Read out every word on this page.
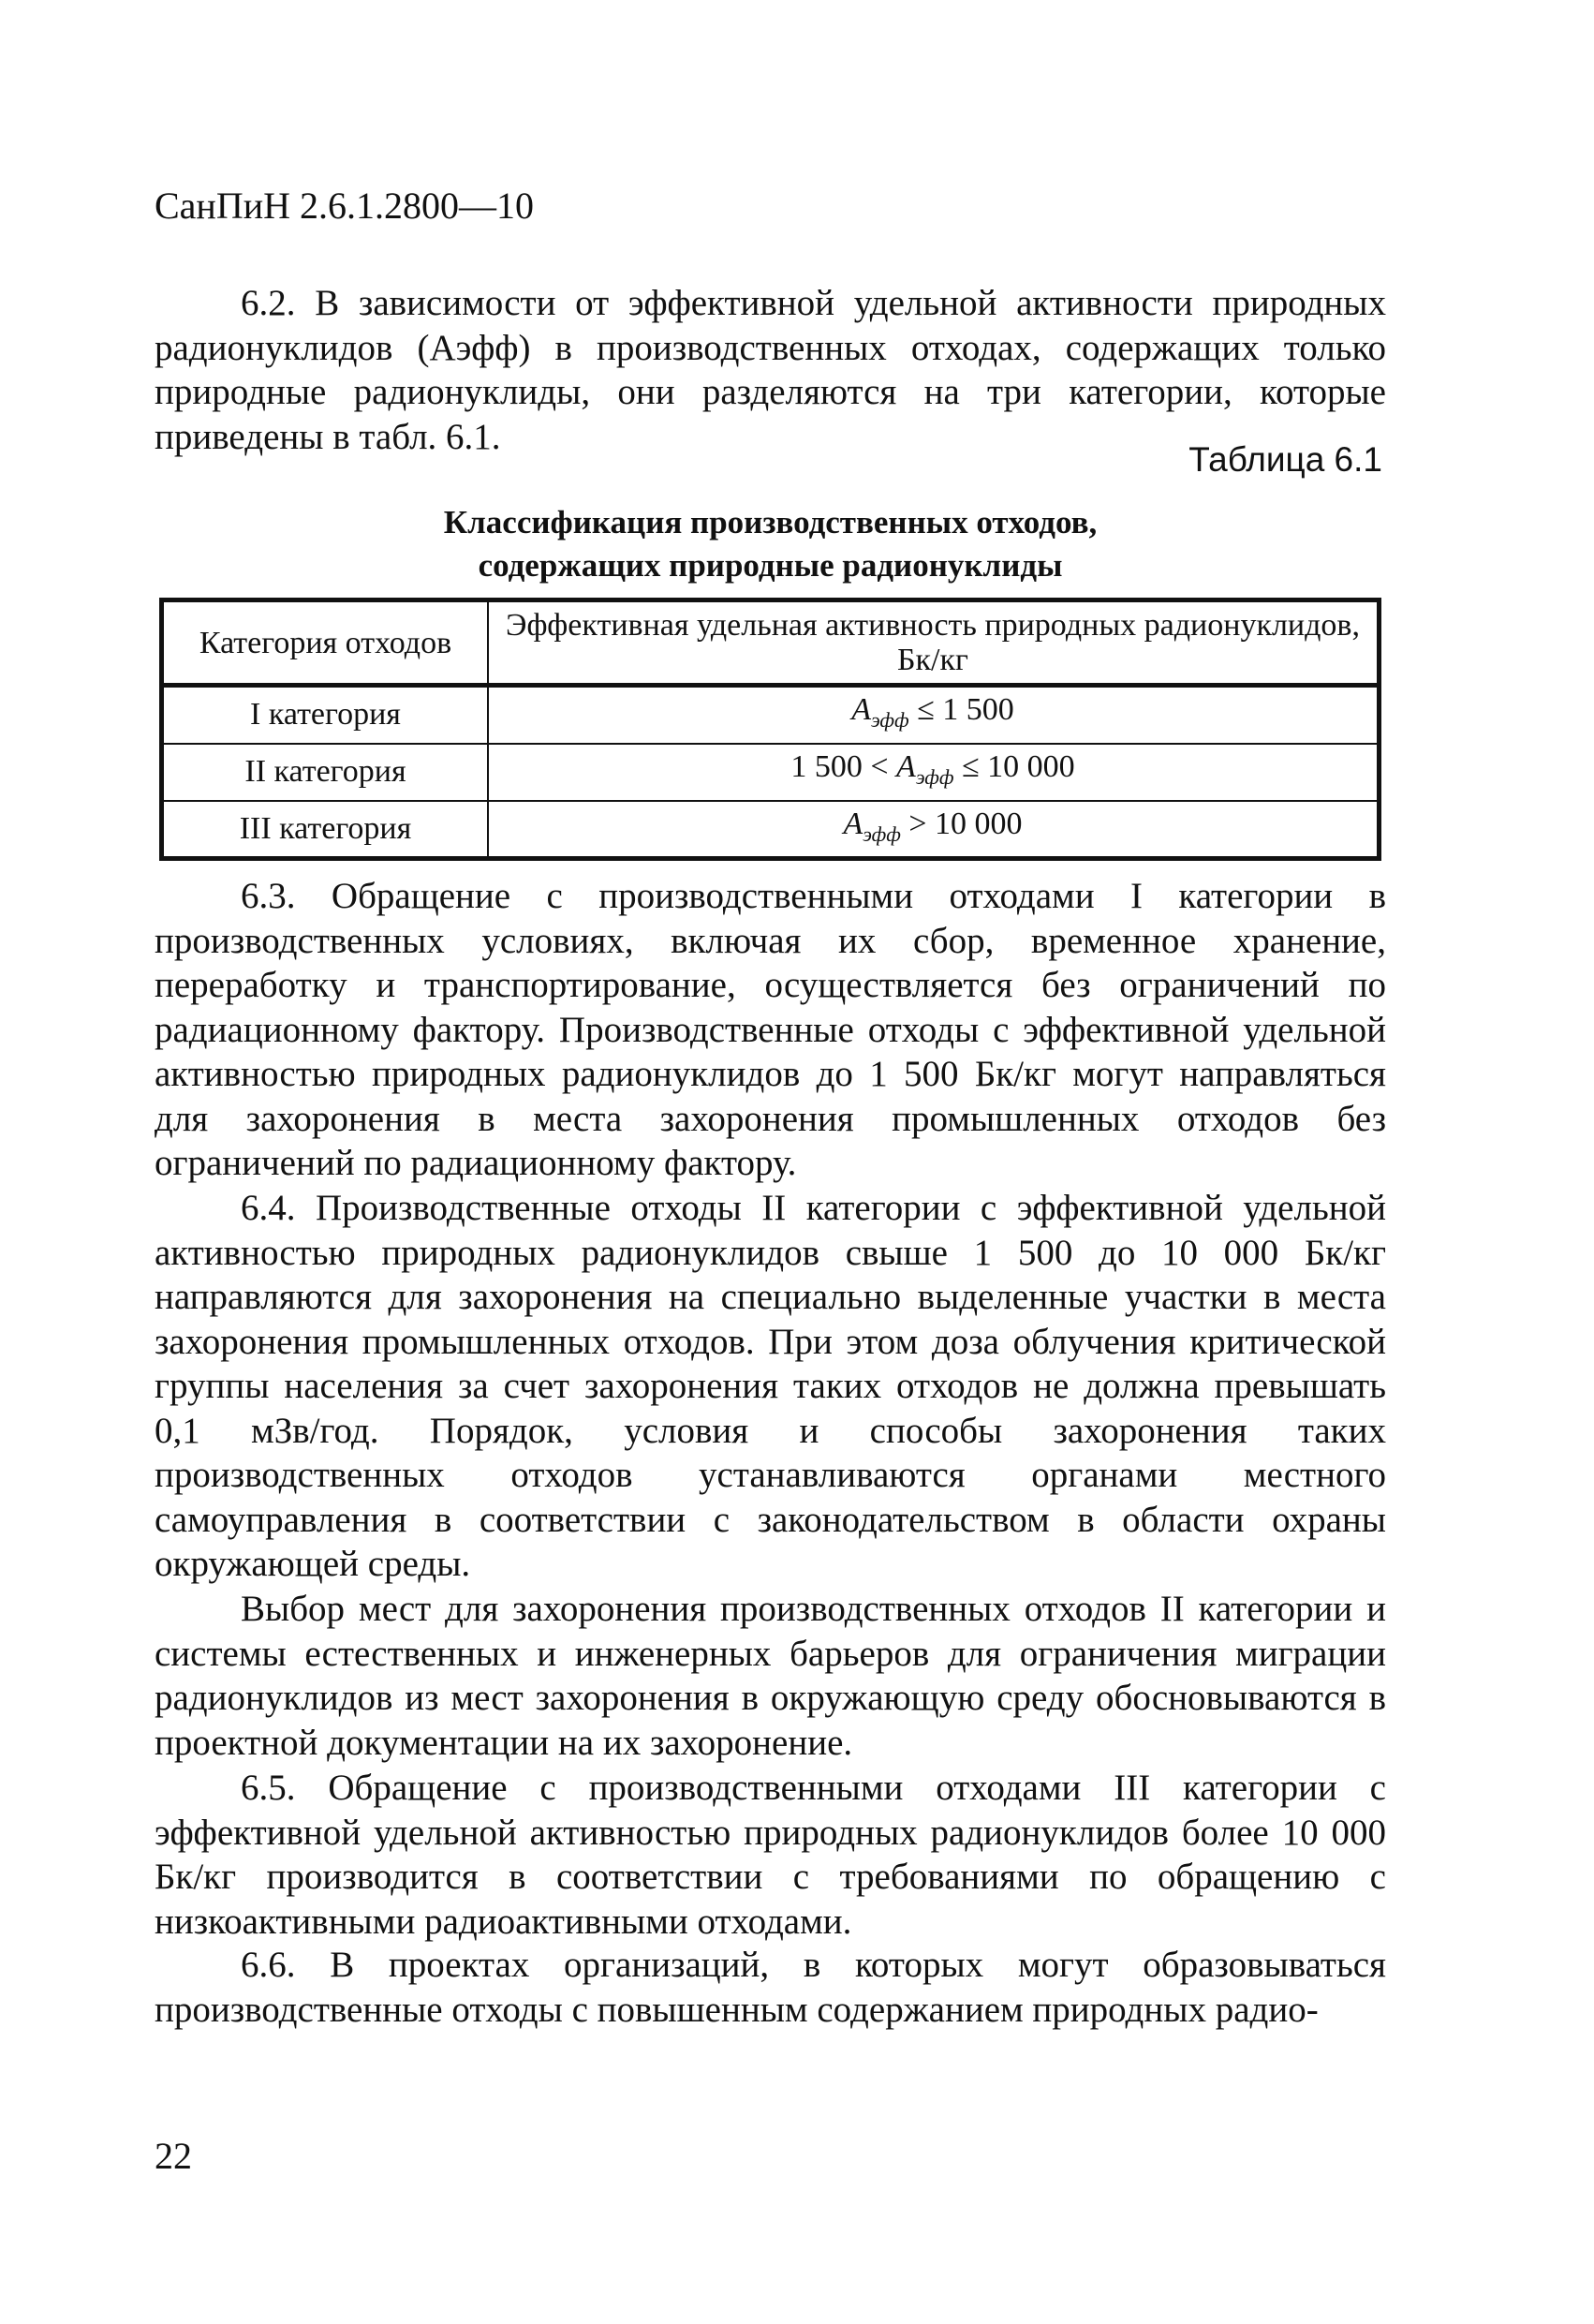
СанПиН 2.6.1.2800—10

6.2. В зависимости от эффективной удельной активности природных радионуклидов (Aэфф) в производственных отходах, содержащих только природные радионуклиды, они разделяются на три категории, которые приведены в табл. 6.1.

Таблица 6.1
Классификация производственных отходов,
содержащих природные радионуклиды
Категория отходов	Эффективная удельная активность природных радионуклидов, Бк/кг
I категория	$A_{эфф} \le 1$ 500
II категория	1 $500 < A_{эфф} \le 10$ 000
III категория	$A_{эфф} > 10$ 000

6.3. Обращение с производственными отходами I категории в производственных условиях, включая их сбор, временное хранение, переработку и транспортирование, осуществляется без ограничений по радиационному фактору. Производственные отходы с эффективной удельной активностью природных радионуклидов до 1 500 Бк/кг могут направляться для захоронения в места захоронения промышленных отходов без ограничений по радиационному фактору.

6.4. Производственные отходы II категории с эффективной удельной активностью природных радионуклидов свыше 1 500 до 10 000 Бк/кг направляются для захоронения на специально выделенные участки в места захоронения промышленных отходов. При этом доза облучения критической группы населения за счет захоронения таких отходов не должна превышать 0,1 мЗв/год. Порядок, условия и способы захоронения таких производственных отходов устанавливаются органами местного самоуправления в соответствии с законодательством в области охраны окружающей среды.

Выбор мест для захоронения производственных отходов II категории и системы естественных и инженерных барьеров для ограничения миграции радионуклидов из мест захоронения в окружающую среду обосновываются в проектной документации на их захоронение.

6.5. Обращение с производственными отходами III категории с эффективной удельной активностью природных радионуклидов более 10 000 Бк/кг производится в соответствии с требованиями по обращению с низкоактивными радиоактивными отходами.

6.6. В проектах организаций, в которых могут образовываться производственные отходы с повышенным содержанием природных радио-

22
